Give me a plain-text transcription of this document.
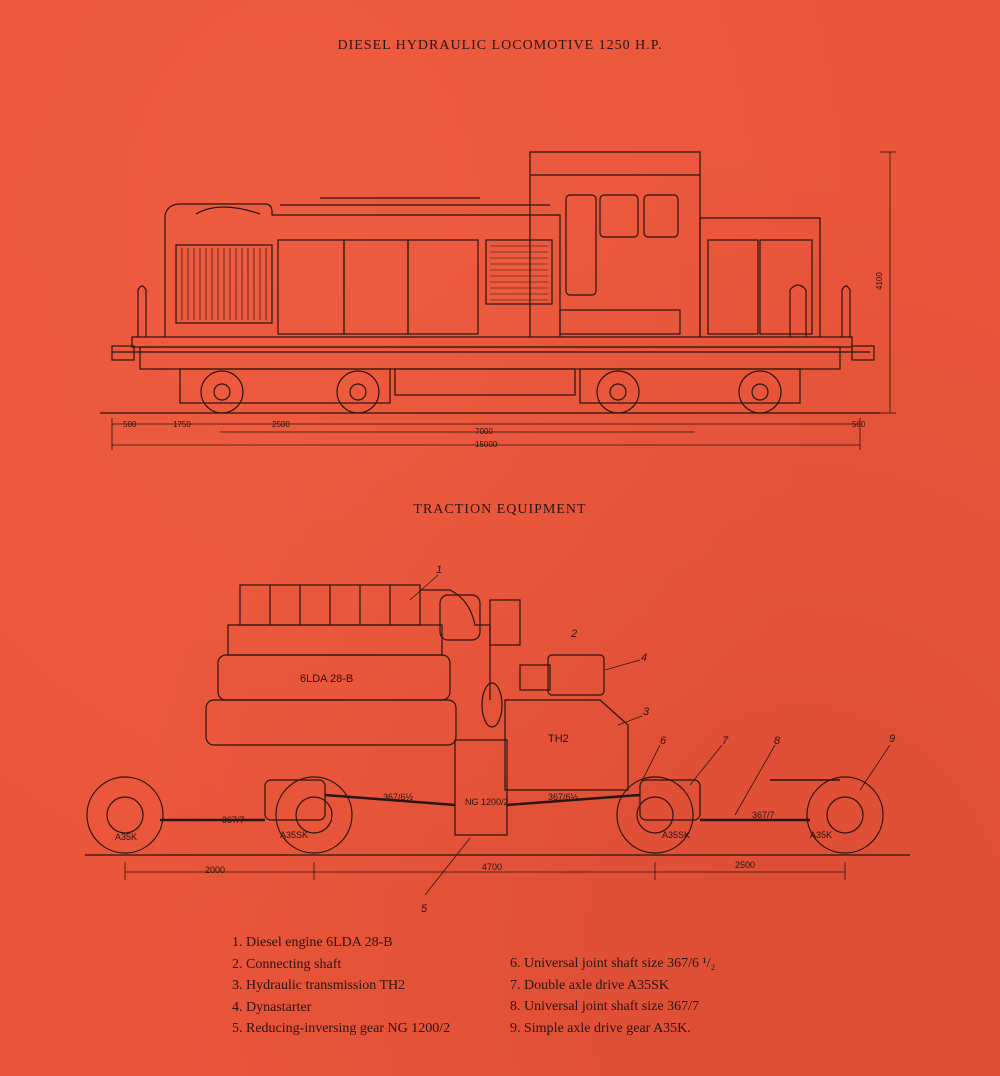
DIESEL HYDRAULIC LOCOMOTIVE 1250 H.P.
TRACTION EQUIPMENT
500	1750	2500
7000
500
15000
4100
6LDA 28-B
TH2
NG 1200/2
367/6½	367/6½
367/7	367/7
A35K	A35SK	A35SK	A35K
2000	4700	2500
1
2
3
4
5
6	7	8	9
1. Diesel engine 6LDA 28-B
2. Connecting shaft
3. Hydraulic transmission TH2
4. Dynastarter
5. Reducing-inversing gear NG 1200/2
6. Universal joint shaft size 367/6 ¹/₂
7. Double axle drive A35SK
8. Universal joint shaft size 367/7
9. Simple axle drive gear A35K.
